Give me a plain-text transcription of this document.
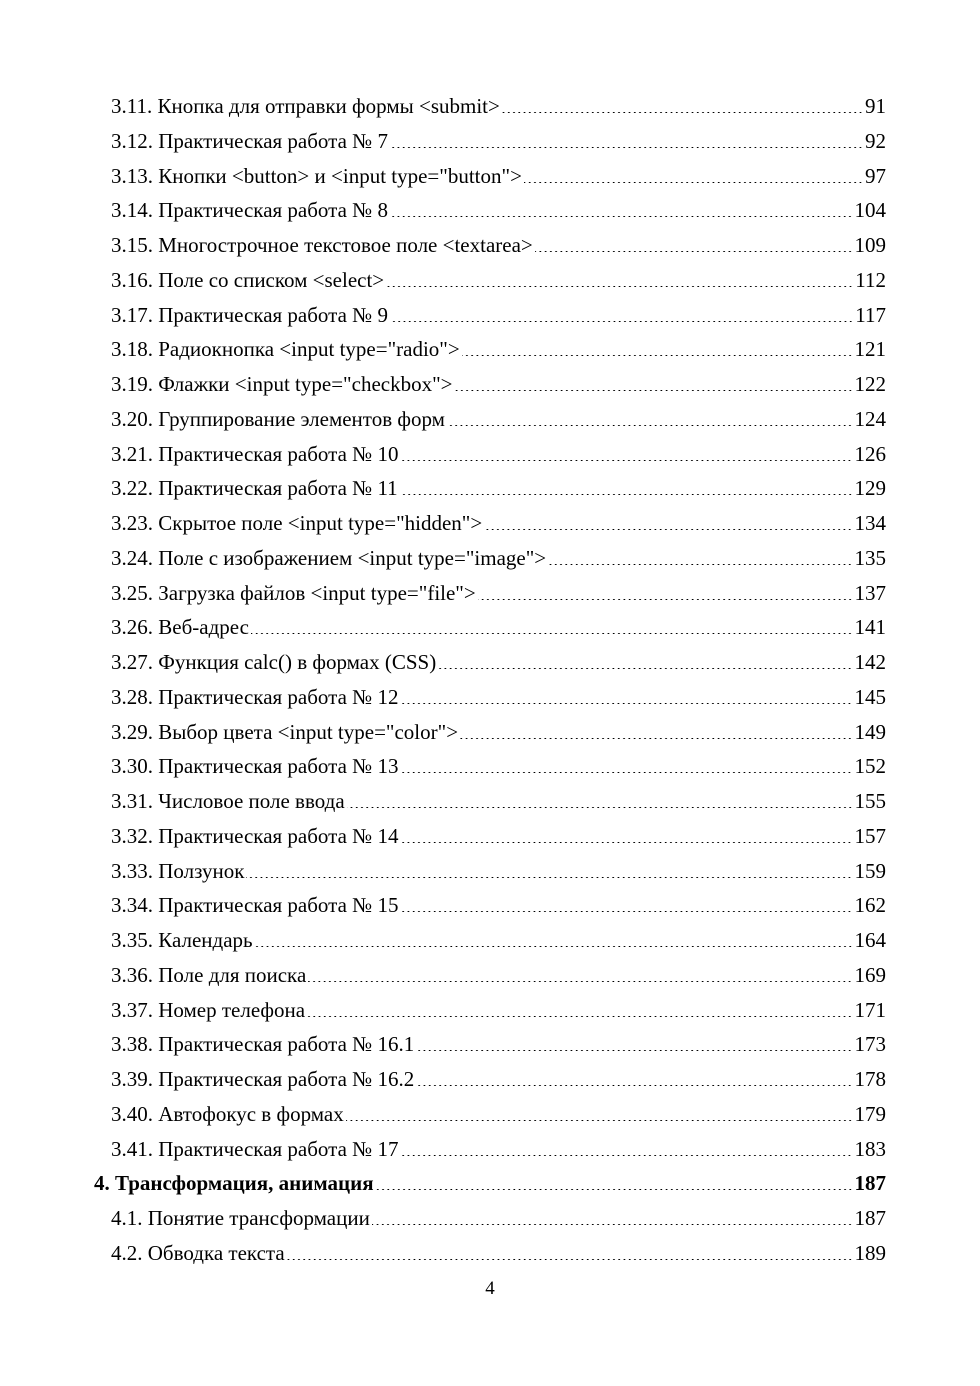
3.11. Кнопка для отправки формы <submit>	91
3.12. Практическая работа № 7	92
3.13. Кнопки <button> и <input type="button">	97
3.14. Практическая работа № 8	104
3.15. Многострочное текстовое поле <textarea>	109
3.16. Поле со списком <select>	112
3.17. Практическая работа № 9	117
3.18. Радиокнопка <input type="radio">	121
3.19. Флажки <input type="checkbox">	122
3.20. Группирование элементов форм	124
3.21. Практическая работа № 10	126
3.22. Практическая работа № 11	129
3.23. Скрытое поле <input type="hidden">	134
3.24. Поле с изображением <input type="image">	135
3.25. Загрузка файлов <input type="file">	137
3.26. Веб-адрес	141
3.27. Функция calc() в формах (CSS)	142
3.28. Практическая работа № 12	145
3.29. Выбор цвета <input type="color">	149
3.30. Практическая работа № 13	152
3.31. Числовое поле ввода	155
3.32. Практическая работа № 14	157
3.33. Ползунок	159
3.34. Практическая работа № 15	162
3.35. Календарь	164
3.36. Поле для поиска	169
3.37. Номер телефона	171
3.38. Практическая работа № 16.1	173
3.39. Практическая работа № 16.2	178
3.40. Автофокус в формах	179
3.41. Практическая работа № 17	183
4. Трансформация, анимация	187
4.1. Понятие трансформации	187
4.2. Обводка текста	189
4
